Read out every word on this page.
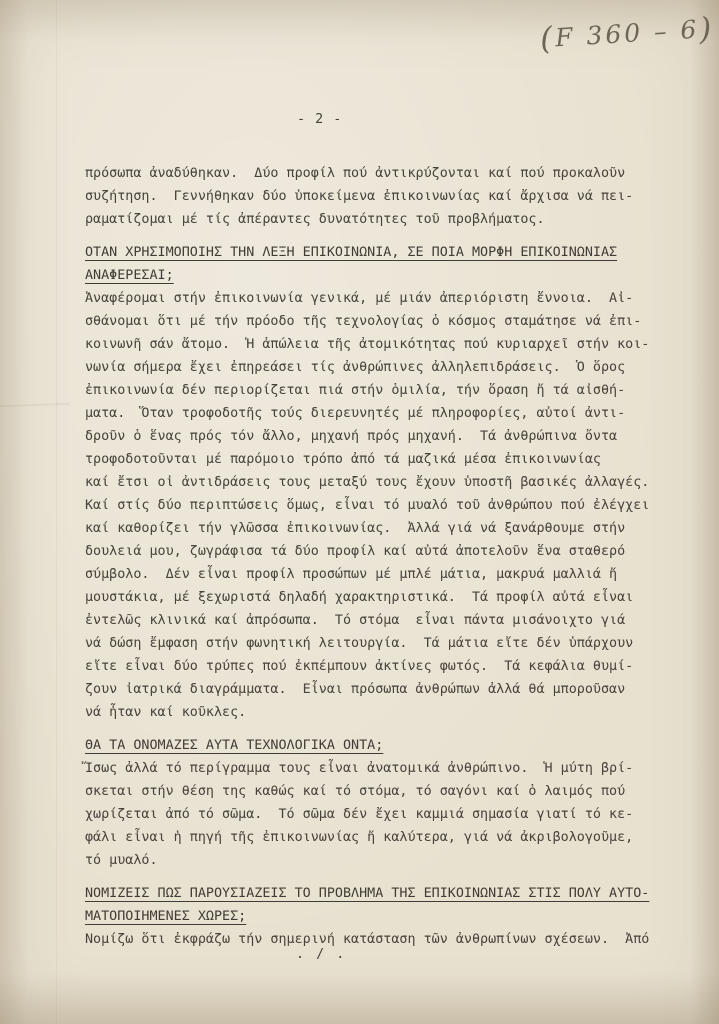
(F 360 – 6)
- 2 -
πρόσωπα ἀναδύθηκαν.  Δύο προφίλ πού ἀντικρύζονται καί πού προκαλοῦν
συζήτηση.  Γεννήθηκαν δύο ὑποκείμενα ἐπικοινωνίας καί ἄρχισα νά πει-
ραματίζομαι μέ τίς ἀπέραντες δυνατότητες τοῦ προβλήματος.
ΟΤΑΝ ΧΡΗΣΙΜΟΠΟΙΗΣ ΤΗΝ ΛΕΞΗ ΕΠΙΚΟΙΝΩΝΙΑ, ΣΕ ΠΟΙΑ ΜΟΡΦΗ ΕΠΙΚΟΙΝΩΝΙΑΣ
ΑΝΑΦΕΡΕΣΑΙ;
Ἀναφέρομαι στήν ἐπικοινωνία γενικά, μέ μιάν ἀπεριόριστη ἔννοια.  Αἰ-
σθάνομαι ὅτι μέ τήν πρόοδο τῆς τεχνολογίας ὁ κόσμος σταμάτησε νά ἐπι-
κοινωνῆ σάν ἄτομο.  Ἡ ἀπώλεια τῆς ἀτομικότητας πού κυριαρχεῖ στήν κοι-
νωνία σήμερα ἔχει ἐπηρεάσει τίς ἀνθρώπινες ἀλληλεπιδράσεις.  Ὁ ὅρος
ἐπικοινωνία δέν περιορίζεται πιά στήν ὁμιλία, τήν ὅραση ἤ τά αἰσθή-
ματα.  Ὅταν τροφοδοτῆς τούς διερευνητές μέ πληροφορίες, αὐτοί ἀντι-
δροῦν ὁ ἕνας πρός τόν ἄλλο, μηχανή πρός μηχανή.  Τά ἀνθρώπινα ὄντα
τροφοδοτοῦνται μέ παρόμοιο τρόπο ἀπό τά μαζικά μέσα ἐπικοινωνίας
καί ἔτσι οἱ ἀντιδράσεις τους μεταξύ τους ἔχουν ὑποστῆ βασικές ἀλλαγές.
Καί στίς δύο περιπτώσεις ὅμως, εἶναι τό μυαλό τοῦ ἀνθρώπου πού ἐλέγχει
καί καθορίζει τήν γλῶσσα ἐπικοινωνίας.  Ἀλλά γιά νά ξανάρθουμε στήν
δουλειά μου, ζωγράφισα τά δύο προφίλ καί αὐτά ἀποτελοῦν ἕνα σταθερό
σύμβολο.  Δέν εἶναι προφίλ προσώπων μέ μπλέ μάτια, μακρυά μαλλιά ἤ
μουστάκια, μέ ξεχωριστά δηλαδή χαρακτηριστικά.  Τά προφίλ αὐτά εἶναι
ἐντελῶς κλινικά καί ἀπρόσωπα.  Τό στόμα  εἶναι πάντα μισάνοιχτο γιά
νά δώση ἔμφαση στήν φωνητική λειτουργία.  Τά μάτια εἴτε δέν ὑπάρχουν
εἴτε εἶναι δύο τρύπες πού ἐκπέμπουν ἀκτίνες φωτός.  Τά κεφάλια θυμί-
ζουν ἰατρικά διαγράμματα.  Εἶναι πρόσωπα ἀνθρώπων ἀλλά θά μποροῦσαν
νά ἦταν καί κοῦκλες.
ΘΑ ΤΑ ΟΝΟΜΑΖΕΣ ΑΥΤΑ ΤΕΧΝΟΛΟΓΙΚΑ ΟΝΤΑ;
Ἴσως ἀλλά τό περίγραμμα τους εἶναι ἀνατομικά ἀνθρώπινο.  Ἡ μύτη βρί-
σκεται στήν θέση της καθώς καί τό στόμα, τό σαγόνι καί ὁ λαιμός πού
χωρίζεται ἀπό τό σῶμα.  Τό σῶμα δέν ἔχει καμμιά σημασία γιατί τό κε-
φάλι εἶναι ἡ πηγή τῆς ἐπικοινωνίας ἤ καλύτερα, γιά νά ἀκριβολογοῦμε,
τό μυαλό.
ΝΟΜΙΖΕΙΣ ΠΩΣ ΠΑΡΟΥΣΙΑΖΕΙΣ ΤΟ ΠΡΟΒΛΗΜΑ ΤΗΣ ΕΠΙΚΟΙΝΩΝΙΑΣ ΣΤΙΣ ΠΟΛΥ ΑΥΤΟ-
ΜΑΤΟΠΟΙΗΜΕΝΕΣ ΧΩΡΕΣ;
Νομίζω ὅτι ἐκφράζω τήν σημερινή κατάσταση τῶν ἀνθρωπίνων σχέσεων.  Ἀπό
. / .
